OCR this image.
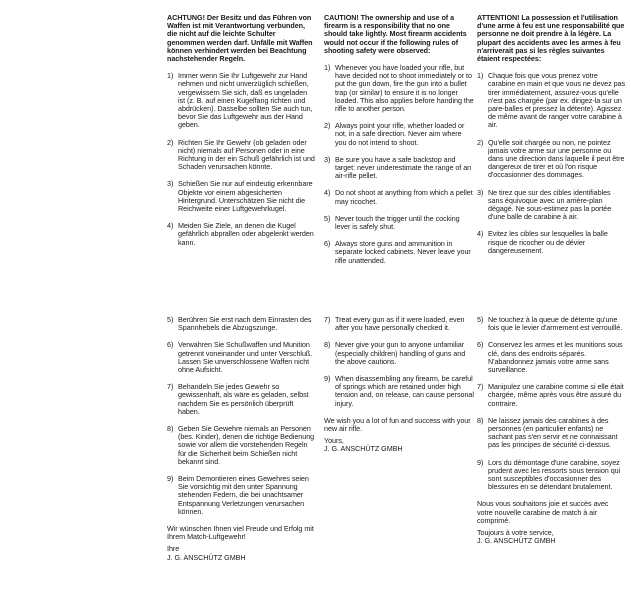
ACHTUNG! Der Besitz und das Führen von Waffen ist mit Verantwortung verbunden, die nicht auf die leichte Schulter genommen werden darf. Unfälle mit Waffen können verhindert werden bei Beachtung nachstehender Regeln.

1) Immer wenn Sie Ihr Luftgewehr zur Hand nehmen und nicht unverzüglich schießen, vergewissern Sie sich, daß es ungeladen ist (z. B. auf einen Kugelfang richten und abdrücken). Dasselbe sollten Sie auch tun, bevor Sie das Luftgewehr aus der Hand geben.
2) Richten Sie Ihr Gewehr (ob geladen oder nicht) niemals auf Personen oder in eine Richtung in der ein Schuß gefährlich ist und Schaden verursachen könnte.
3) Schießen Sie nur auf eindeutig erkennbare Objekte vor einem abgesicherten Hintergrund. Unterschätzen Sie nicht die Reichweite einer Luftgewehrkugel.
4) Meiden Sie Ziele, an denen die Kugel gefährlich abprallen oder abgelenkt werden kann.
5) Berühren Sie erst nach dem Einrasten des Spannhebels die Abzugszunge.
6) Verwahren Sie Schußwaffen und Munition getrennt voneinander und unter Verschluß. Lassen Sie unverschlossene Waffen nicht ohne Aufsicht.
7) Behandeln Sie jedes Gewehr so gewissenhaft, als wäre es geladen, selbst nachdem Sie es persönlich überprüft haben.
8) Geben Sie Gewehre niemals an Personen (bes. Kinder), denen die richtige Bedienung sowie vor allem die vorstehenden Regeln für die Sicherheit beim Schießen nicht bekannt sind.
9) Beim Demontieren eines Gewehres seien Sie vorsichtig mit den unter Spannung stehenden Federn, die bei unachtsamer Entspannung Verletzungen verursachen können.

Wir wünschen Ihnen viel Freude und Erfolg mit Ihrem Match-Luftgewehr!

Ihre

J. G. ANSCHÜTZ GMBH

CAUTION! The ownership and use of a firearm is a responsibility that no one should take lightly. Most firearm accidents would not occur if the following rules of shooting safety were observed:

1) Whenever you have loaded your rifle, but have decided not to shoot immediately or to put the gun down, fire the gun into a bullet trap (or similar) to ensure it is no longer loaded. This also applies before handing the rifle to another person.
2) Always point your rifle, whether loaded or not, in a safe direction. Never aim where you do not intend to shoot.
3) Be sure you have a safe backstop and target: never underestimate the range of an air-rifle pellet.
4) Do not shoot at anything from which a pellet may ricochet.
5) Never touch the trigger until the cocking lever is safely shut.
6) Always store guns and ammunition in separate locked cabinets. Never leave your rifle unattended.
7) Treat every gun as if it were loaded, even after you have personally checked it.
8) Never give your gun to anyone unfamiliar (especially children) handling of guns and the above cautions.
9) When disassembling any firearm, be careful of springs which are retained under high tension and, on release, can cause personal injury.

We wish you a lot of fun and success with your new air rifle.

Yours,

J. G. ANSCHÜTZ GMBH

ATTENTION! La possession et l'utilisation d'une arme à feu est une responsabilité que personne ne doit prendre à la légère. La plupart des accidents avec les armes à feu n'arriverait pas si les règles suivantes étaient respectées:

1) Chaque fois que vous prenez votre carabine en main et que vous ne devez pas tirer immédiatement, assurez-vous qu'elle n'est pas chargée (par ex. dirigez-la sur un pare-balles et pressez la détente). Agissez de même avant de ranger votre carabine à air.
2) Qu'elle soit chargée ou non, ne pointez jamais votre arme sur une personne ou dans une direction dans laquelle il peut être dangereux de tirer et où l'on risque d'occasionner des dommages.
3) Ne tirez que sur des cibles identifiables sans équivoque avec un arrière-plan dégagé. Ne sous-estimez pas la portée d'une balle de carabine à air.
4) Evitez les cibles sur lesquelles la balle risque de ricocher ou de dévier dangereusement.
5) Ne touchez à la queue de détente qu'une fois que le levier d'armement est verrouillé.
6) Conservez les armes et les munitions sous clé, dans des endroits séparés. N'abandonnez jamais votre arme sans surveillance.
7) Manipulez une carabine comme si elle était chargée, même après vous être assuré du contraire.
8) Ne laissez jamais des carabines à des personnes (en particulier enfants) ne sachant pas s'en servir et ne connaissant pas les principes de sécurité ci-dessus.
9) Lors du démontage d'une carabine, soyez prudent avec les ressorts sous tension qui sont susceptibles d'occasionner des blessures en se détendant brutalement.

Nous vous souhaitons joie et succès avec votre nouvelle carabine de match à air comprimé.

Toujours à votre service,

J. G. ANSCHÜTZ GMBH
